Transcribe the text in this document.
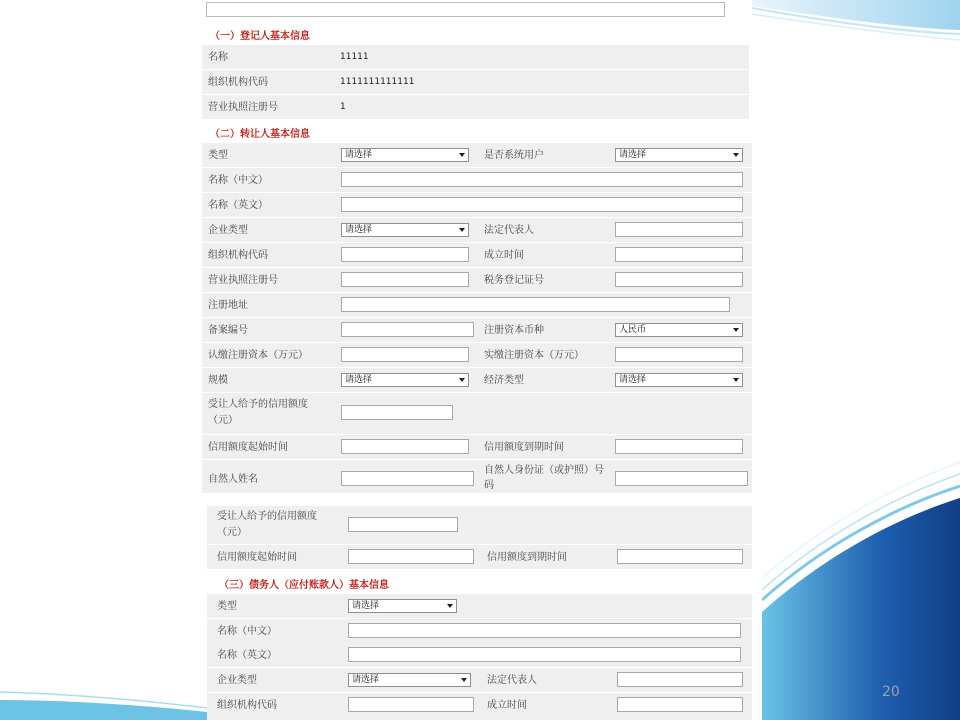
（一）登记人基本信息
名称	11111
组织机构代码	1111111111111
营业执照注册号	1
（二）转让人基本信息
类型	请选择	是否系统用户	请选择
名称（中文）
名称（英文）
企业类型	请选择	法定代表人
组织机构代码	成立时间
营业执照注册号	税务登记证号
注册地址
备案编号	注册资本币种	人民币
认缴注册资本（万元）	实缴注册资本（万元）
规模	请选择	经济类型	请选择
受让人给予的信用额度
（元）
信用额度起始时间	信用额度到期时间
自然人姓名
自然人身份证（或护照）号
码
受让人给予的信用额度
（元）
信用额度起始时间	信用额度到期时间
（三）债务人（应付账款人）基本信息
类型	请选择
名称（中文）
名称（英文）
企业类型	请选择	法定代表人
组织机构代码	成立时间
20
